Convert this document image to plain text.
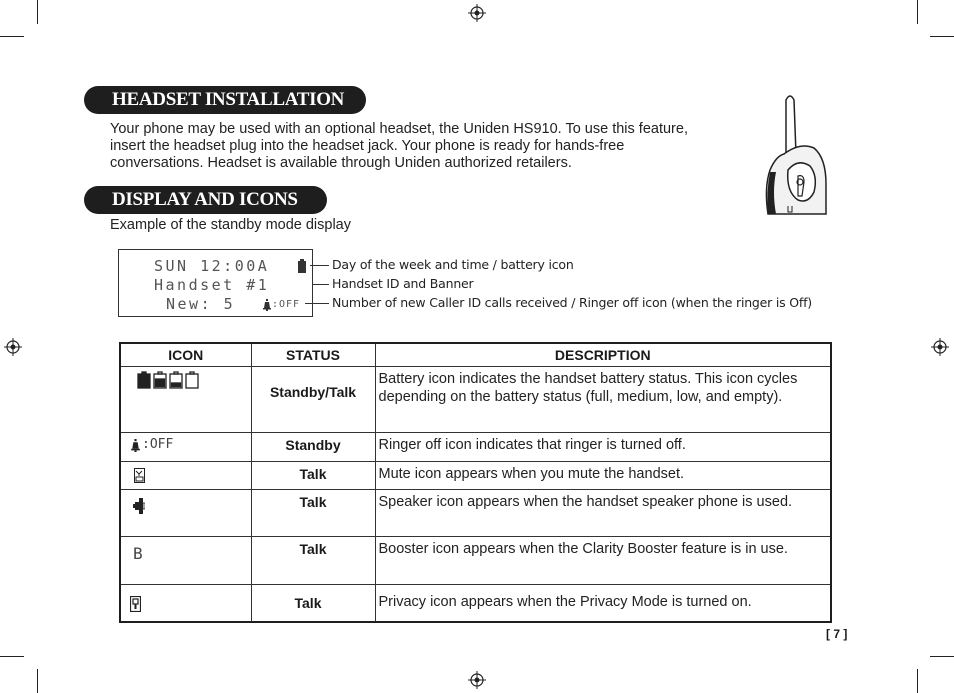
HEADSET INSTALLATION
Your phone may be used with an optional headset, the Uniden HS910. To use this feature, insert the headset plug into the headset jack. Your phone is ready for hands-free conversations. Headset is available through Uniden authorized retailers.
DISPLAY AND ICONS
Example of the standby mode display
SUN 12:00A
Handset #1
New: 5	:OFF
Day of the week and time / battery icon
Handset ID and Banner
Number of new Caller ID calls received / Ringer off icon (when the ringer is Off)
ICON	STATUS	DESCRIPTION

	Standby/Talk	Battery icon indicates the handset battery status. This icon cycles depending on the battery status (full, medium, low, and empty).

:OFF	Standby	Ringer off icon indicates that ringer is turned off.

	Talk	Mute icon appears when you mute the handset.

	Talk	Speaker icon appears when the handset speaker phone is used.

B	Talk	Booster icon appears when the Clarity Booster feature is in use.

	Talk	Privacy icon appears when the Privacy Mode is turned on.
[ 7 ]
